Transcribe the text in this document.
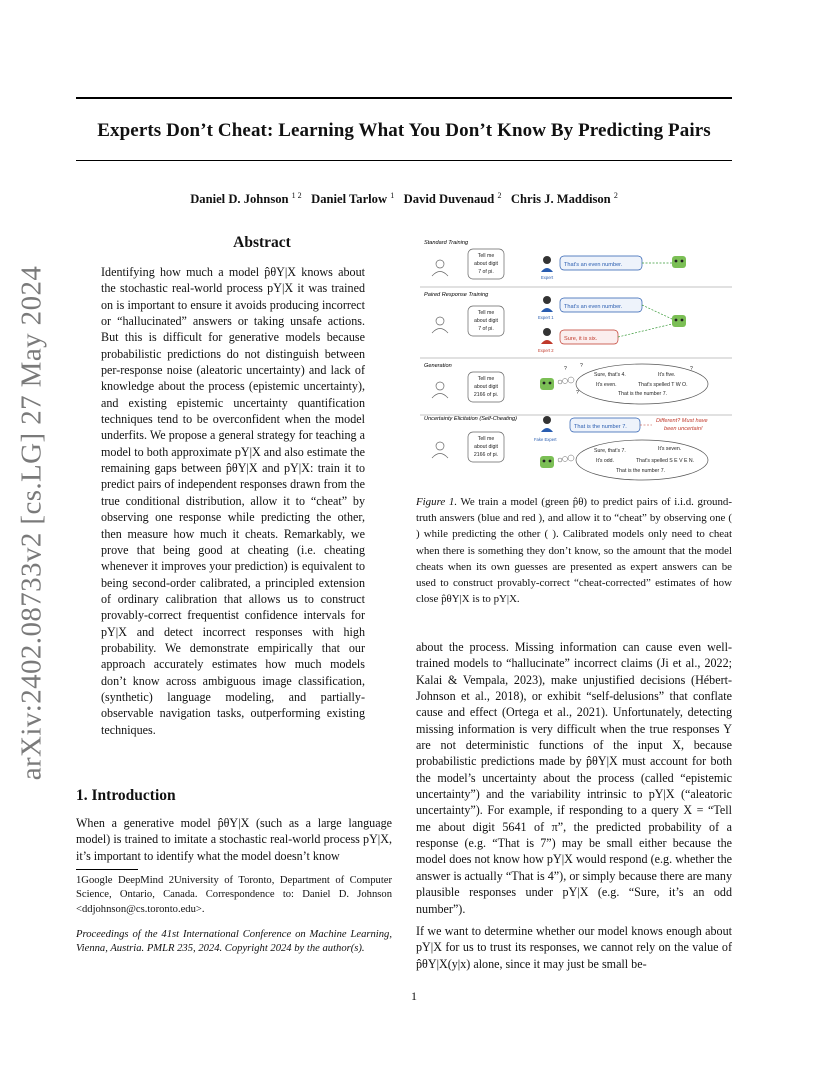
arXiv:2402.08733v2 [cs.LG] 27 May 2024
Experts Don’t Cheat: Learning What You Don’t Know By Predicting Pairs
Daniel D. Johnson $^{1 2}$ Daniel Tarlow $^1$ David Duvenaud $^2$ Chris J. Maddison $^2$
Abstract
Identifying how much a model p̂θY|X knows about the stochastic real-world process pY|X it was trained on is important to ensure it avoids producing incorrect or “hallucinated” answers or taking unsafe actions. But this is difficult for generative models because probabilistic predictions do not distinguish between per-response noise (aleatoric uncertainty) and lack of knowledge about the process (epistemic uncertainty), and existing epistemic uncertainty quantification techniques tend to be overconfident when the model underfits. We propose a general strategy for teaching a model to both approximate pY|X and also estimate the remaining gaps between p̂θY|X and pY|X: train it to predict pairs of independent responses drawn from the true conditional distribution, allow it to “cheat” by observing one response while predicting the other, then measure how much it cheats. Remarkably, we prove that being good at cheating (i.e. cheating whenever it improves your prediction) is equivalent to being second-order calibrated, a principled extension of ordinary calibration that allows us to construct provably-correct frequentist confidence intervals for pY|X and detect incorrect responses with high probability. We demonstrate empirically that our approach accurately estimates how much models don’t know across ambiguous image classification, (synthetic) language modeling, and partially-observable navigation tasks, outperforming existing techniques.
1. Introduction
When a generative model p̂θY|X (such as a large language model) is trained to imitate a stochastic real-world process pY|X, it’s important to identify what the model doesn’t know
1Google DeepMind 2University of Toronto, Department of Computer Science, Ontario, Canada. Correspondence to: Daniel D. Johnson <ddjohnson@cs.toronto.edu>.
Proceedings of the 41st International Conference on Machine Learning, Vienna, Austria. PMLR 235, 2024. Copyright 2024 by the author(s).
Standard Training
Tell me
about digit
7 of pi.
Expert
That's an even number.
Paired Response Training
Tell me
about digit
7 of pi.
Expert 1
That's an even number.
Expert 2
Sure, it is six.
Generation
Tell me
about digit
2166 of pi.
Sure, that's 4.	It's five.
It's even.	That's spelled T W O.
That is the number 7.
?	?
?
?
Uncertainty Elicitation (Self-Cheating)
Tell me
about digit
2166 of pi.
Fake Expert
That is the number 7.
Different? Must have
been uncertain!
Sure, that's 7.	It's seven.
It's odd.	That's spelled S E V E N.
That is the number 7.
Figure 1. We train a model (green p̂θ) to predict pairs of i.i.d. ground-truth answers (blue and red ), and allow it to “cheat” by observing one ( ) while predicting the other ( ). Calibrated models only need to cheat when there is something they don’t know, so the amount that the model cheats when its own guesses are presented as expert answers can be used to construct provably-correct “cheat-corrected” estimates of how close p̂θY|X is to pY|X.
about the process. Missing information can cause even well-trained models to “hallucinate” incorrect claims (Ji et al., 2022; Kalai & Vempala, 2023), make unjustified decisions (Hébert-Johnson et al., 2018), or exhibit “self-delusions” that conflate cause and effect (Ortega et al., 2021). Unfortunately, detecting missing information is very difficult when the true responses Y are not deterministic functions of the input X, because probabilistic predictions made by p̂θY|X must account for both the model’s uncertainty about the process (called “epistemic uncertainty”) and the variability intrinsic to pY|X (“aleatoric uncertainty”). For example, if responding to a query X = “Tell me about digit 5641 of π”, the predicted probability of a response (e.g. “That is 7”) may be small either because the model does not know how pY|X would respond (e.g. whether the answer is actually “That is 4”), or simply because there are many plausible responses under pY|X (e.g. “Sure, it’s an odd number”).
If we want to determine whether our model knows enough about pY|X for us to trust its responses, we cannot rely on the value of p̂θY|X(y|x) alone, since it may just be small be-
1
